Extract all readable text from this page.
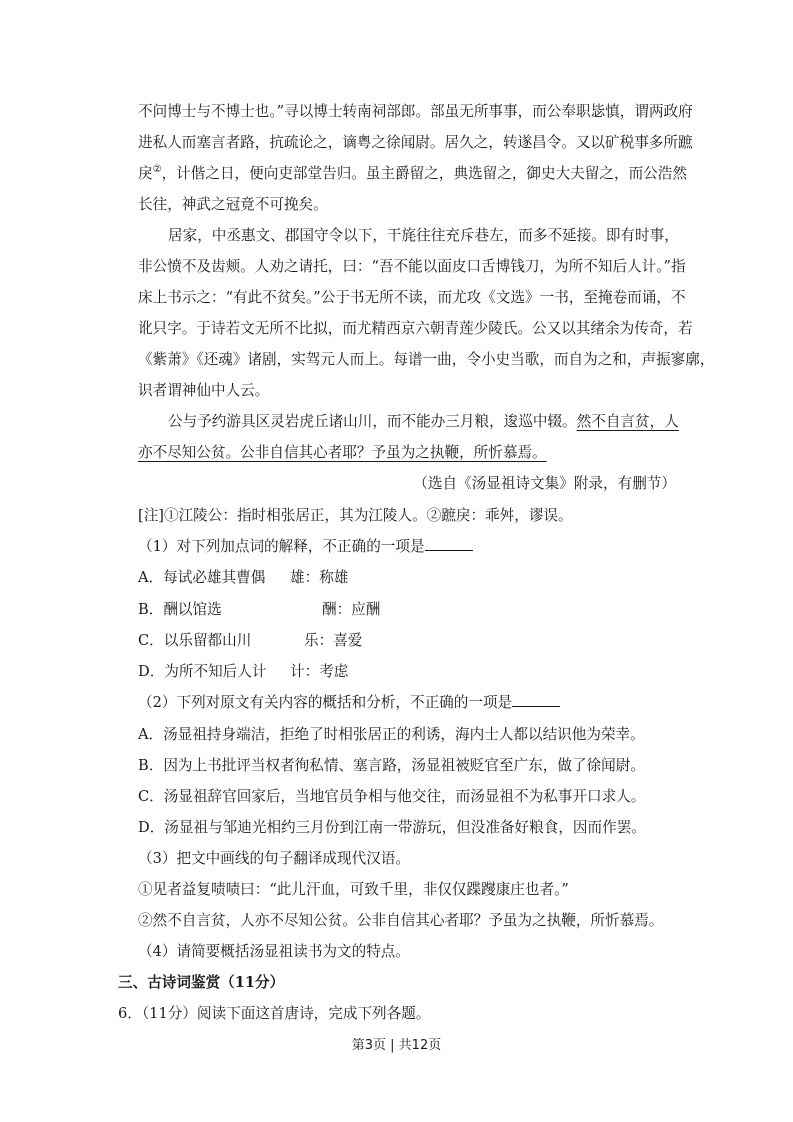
不问博士与不博士也。”寻以博士转南祠部郎。部虽无所事事，而公奉职毖慎，谓两政府
进私人而塞言者路，抗疏论之，谪粤之徐闻尉。居久之，转遂昌令。又以矿税事多所蹠
戾②，计偕之日，便向吏部堂告归。虽主爵留之，典选留之，御史大夫留之，而公浩然
长往，神武之冠竟不可挽矣。
居家，中丞惠文、郡国守令以下，干旄往往充斥巷左，而多不延接。即有时事，
非公愤不及齿颊。人劝之请托，曰：“吾不能以面皮口舌博钱刀，为所不知后人计。”指
床上书示之：“有此不贫矣。”公于书无所不读，而尤攻《文选》一书，至掩卷而诵，不
讹只字。于诗若文无所不比拟，而尤精西京六朝青莲少陵氏。公又以其绪余为传奇，若
《紫萧》《还魂》诸剧，实驾元人而上。每谱一曲，令小史当歌，而自为之和，声振寥廓，
识者谓神仙中人云。
公与予约游具区灵岩虎丘诸山川，而不能办三月粮，逡巡中辍。 然不自言贫，人
亦不尽知公贫。公非自信其心者耶？予虽为之执鞭，所忻慕焉。
（选自《汤显祖诗文集》附录，有删节）
[注]①江陵公：指时相张居正，其为江陵人。②蹠戾：乖舛，谬误。
（1）对下列加点词的解释，不正确的一项是
A．每试必雄其曹偶 雄：称雄
B．酬以馆选	酬：应酬
C．以乐留都山川	乐：喜爱
D．为所不知后人计 计：考虑
（2）下列对原文有关内容的概括和分析，不正确的一项是
A．汤显祖持身端洁，拒绝了时相张居正的利诱，海内士人都以结识他为荣幸。
B．因为上书批评当权者徇私情、塞言路，汤显祖被贬官至广东，做了徐闻尉。
C．汤显祖辞官回家后，当地官员争相与他交往，而汤显祖不为私事开口求人。
D．汤显祖与邹迪光相约三月份到江南一带游玩，但没准备好粮食，因而作罢。
（3）把文中画线的句子翻译成现代汉语。
①见者益复啧啧曰：“此儿汗血，可致千里，非仅仅蹀躞康庄也者。”
②然不自言贫，人亦不尽知公贫。公非自信其心者耶？予虽为之执鞭，所忻慕焉。
（4）请简要概括汤显祖读书为文的特点。
三、古诗词鉴赏（11分）
6．（11分）阅读下面这首唐诗，完成下列各题。
第3页 | 共12页
